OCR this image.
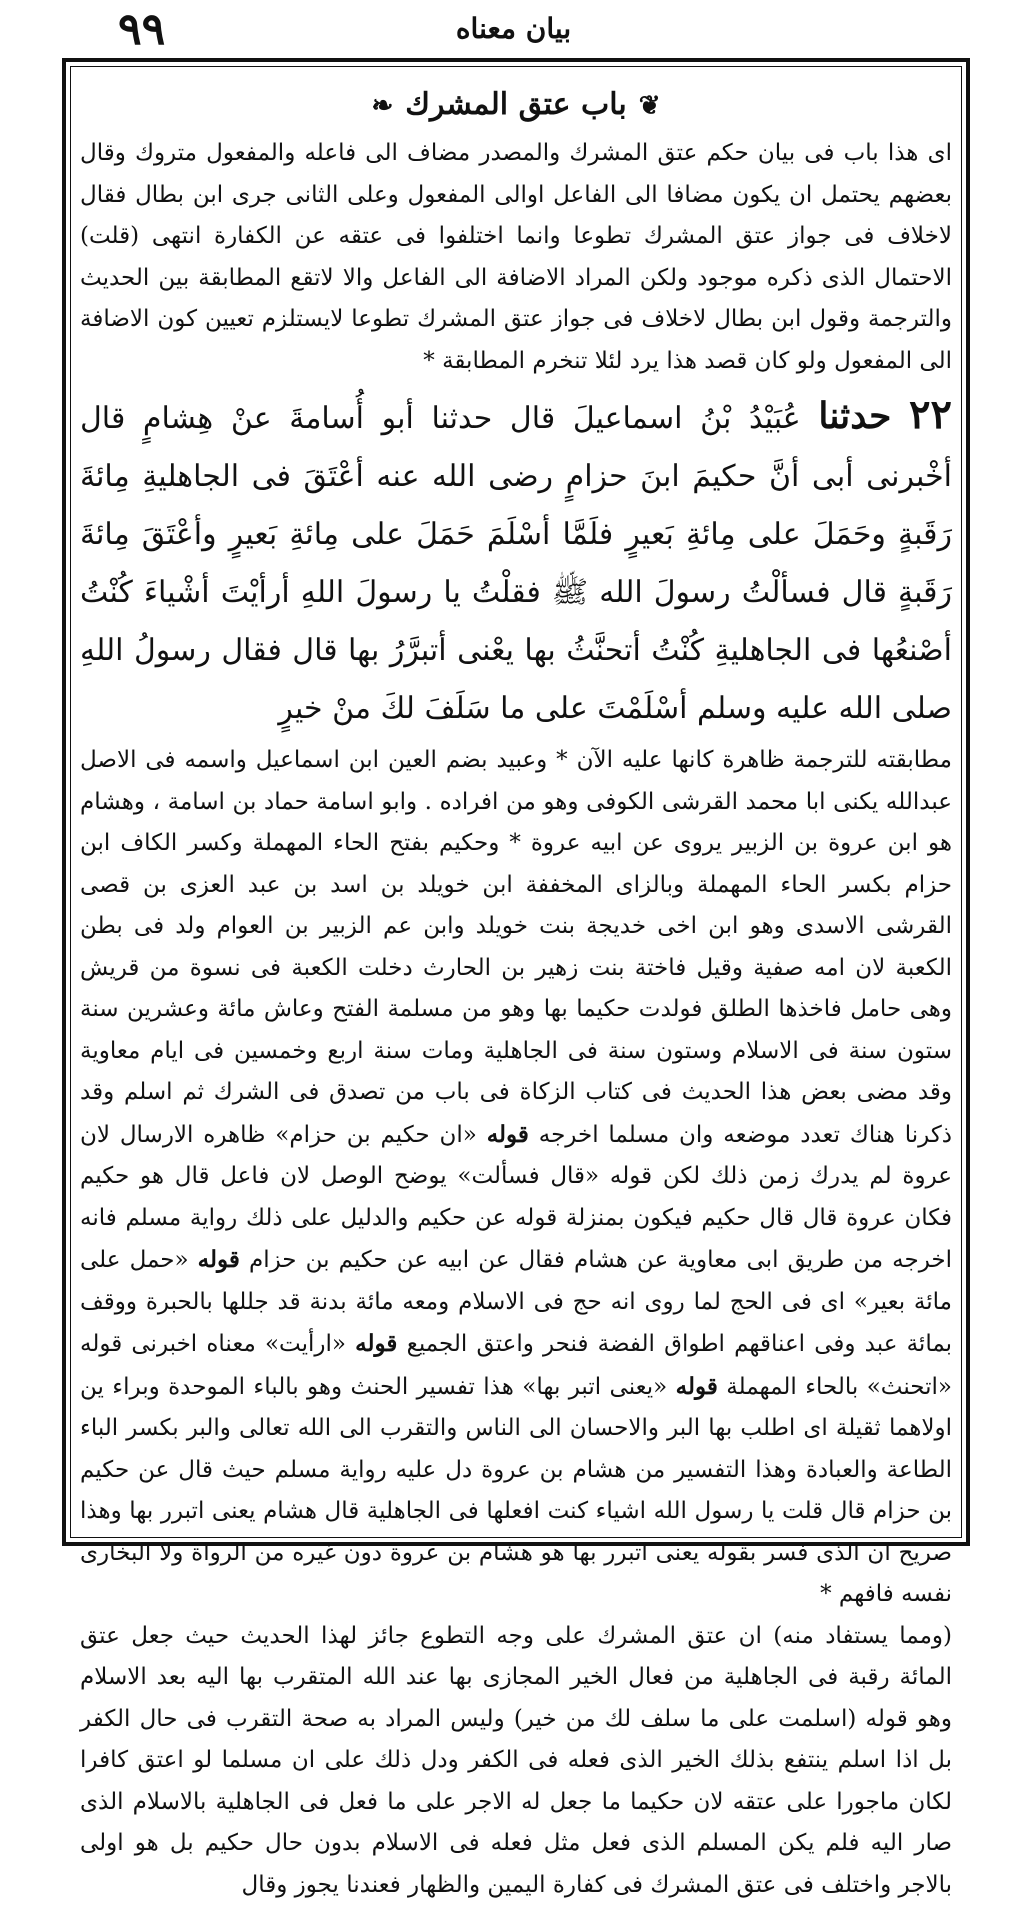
۹۹	بيان معناه
❦باب عتق المشرك❧

اى هذا باب فى بيان حكم عتق المشرك والمصدر مضاف الى فاعله والمفعول متروك وقال بعضهم يحتمل ان يكون مضافا الى الفاعل اوالى المفعول وعلى الثانى جرى ابن بطال فقال لاخلاف فى جواز عتق المشرك تطوعا وانما اختلفوا فى عتقه عن الكفارة انتهى (قلت) الاحتمال الذى ذكره موجود ولكن المراد الاضافة الى الفاعل والا لاتقع المطابقة بين الحديث والترجمة وقول ابن بطال لاخلاف فى جواز عتق المشرك تطوعا لايستلزم تعيين كون الاضافة الى المفعول ولو كان قصد هذا يرد لئلا تنخرم المطابقة *

٢٢ حدثنا عُبَيْدُ بْنُ اسماعيلَ قال حدثنا أبو أُسامةَ عنْ هِشامٍ قال أخْبرنى أبى أنَّ حكيمَ ابنَ حزامٍ رضى الله عنه أعْتَقَ فى الجاهليةِ مِائةَ رَقَبةٍ وحَمَلَ على مِائةِ بَعيرٍ فلَمَّا أسْلَمَ حَمَلَ على مِائةِ بَعيرٍ وأعْتَقَ مِائةَ رَقَبةٍ قال فسألْتُ رسولَ الله ﷺ فقلْتُ يا رسولَ اللهِ أرأيْتَ أشْياءَ كُنْتُ أصْنعُها فى الجاهليةِ كُنْتُ أتحنَّثُ بها يعْنى أتبرَّرُ بها قال فقال رسولُ اللهِ صلى الله عليه وسلم أسْلَمْتَ على ما سَلَفَ لكَ منْ خيرٍ

مطابقته للترجمة ظاهرة كانها عليه الآن * وعبيد بضم العين ابن اسماعيل واسمه فى الاصل عبدالله يكنى ابا محمد القرشى الكوفى وهو من افراده . وابو اسامة حماد بن اسامة ، وهشام هو ابن عروة بن الزبير يروى عن ابيه عروة * وحكيم بفتح الحاء المهملة وكسر الكاف ابن حزام بكسر الحاء المهملة وبالزاى المخففة ابن خويلد بن اسد بن عبد العزى بن قصى القرشى الاسدى وهو ابن اخى خديجة بنت خويلد وابن عم الزبير بن العوام ولد فى بطن الكعبة لان امه صفية وقيل فاختة بنت زهير بن الحارث دخلت الكعبة فى نسوة من قريش وهى حامل فاخذها الطلق فولدت حكيما بها وهو من مسلمة الفتح وعاش مائة وعشرين سنة ستون سنة فى الاسلام وستون سنة فى الجاهلية ومات سنة اربع وخمسين فى ايام معاوية وقد مضى بعض هذا الحديث فى كتاب الزكاة فى باب من تصدق فى الشرك ثم اسلم وقد ذكرنا هناك تعدد موضعه وان مسلما اخرجه قوله «ان حكيم بن حزام» ظاهره الارسال لان عروة لم يدرك زمن ذلك لكن قوله «قال فسألت» يوضح الوصل لان فاعل قال هو حكيم فكان عروة قال قال حكيم فيكون بمنزلة قوله عن حكيم والدليل على ذلك رواية مسلم فانه اخرجه من طريق ابى معاوية عن هشام فقال عن ابيه عن حكيم بن حزام قوله «حمل على مائة بعير» اى فى الحج لما روى انه حج فى الاسلام ومعه مائة بدنة قد جللها بالحبرة ووقف بمائة عبد وفى اعناقهم اطواق الفضة فنحر واعتق الجميع قوله «ارأيت» معناه اخبرنى قوله «اتحنث» بالحاء المهملة قوله «يعنى اتبر بها» هذا تفسير الحنث وهو بالباء الموحدة وبراء ين اولاهما ثقيلة اى اطلب بها البر والاحسان الى الناس والتقرب الى الله تعالى والبر بكسر الباء الطاعة والعبادة وهذا التفسير من هشام بن عروة دل عليه رواية مسلم حيث قال عن حكيم بن حزام قال قلت يا رسول الله اشياء كنت افعلها فى الجاهلية قال هشام يعنى اتبرر بها وهذا صريح ان الذى فسر بقوله يعنى اتبرر بها هو هشام بن عروة دون غيره من الرواة ولا البخارى نفسه فافهم *

(ومما يستفاد منه) ان عتق المشرك على وجه التطوع جائز لهذا الحديث حيث جعل عتق المائة رقبة فى الجاهلية من فعال الخير المجازى بها عند الله المتقرب بها اليه بعد الاسلام وهو قوله (اسلمت على ما سلف لك من خير) وليس المراد به صحة التقرب فى حال الكفر بل اذا اسلم ينتفع بذلك الخير الذى فعله فى الكفر ودل ذلك على ان مسلما لو اعتق كافرا لكان ماجورا على عتقه لان حكيما ما جعل له الاجر على ما فعل فى الجاهلية بالاسلام الذى صار اليه فلم يكن المسلم الذى فعل مثل فعله فى الاسلام بدون حال حكيم بل هو اولى بالاجر واختلف فى عتق المشرك فى كفارة اليمين والظهار فعندنا يجوز وقال
